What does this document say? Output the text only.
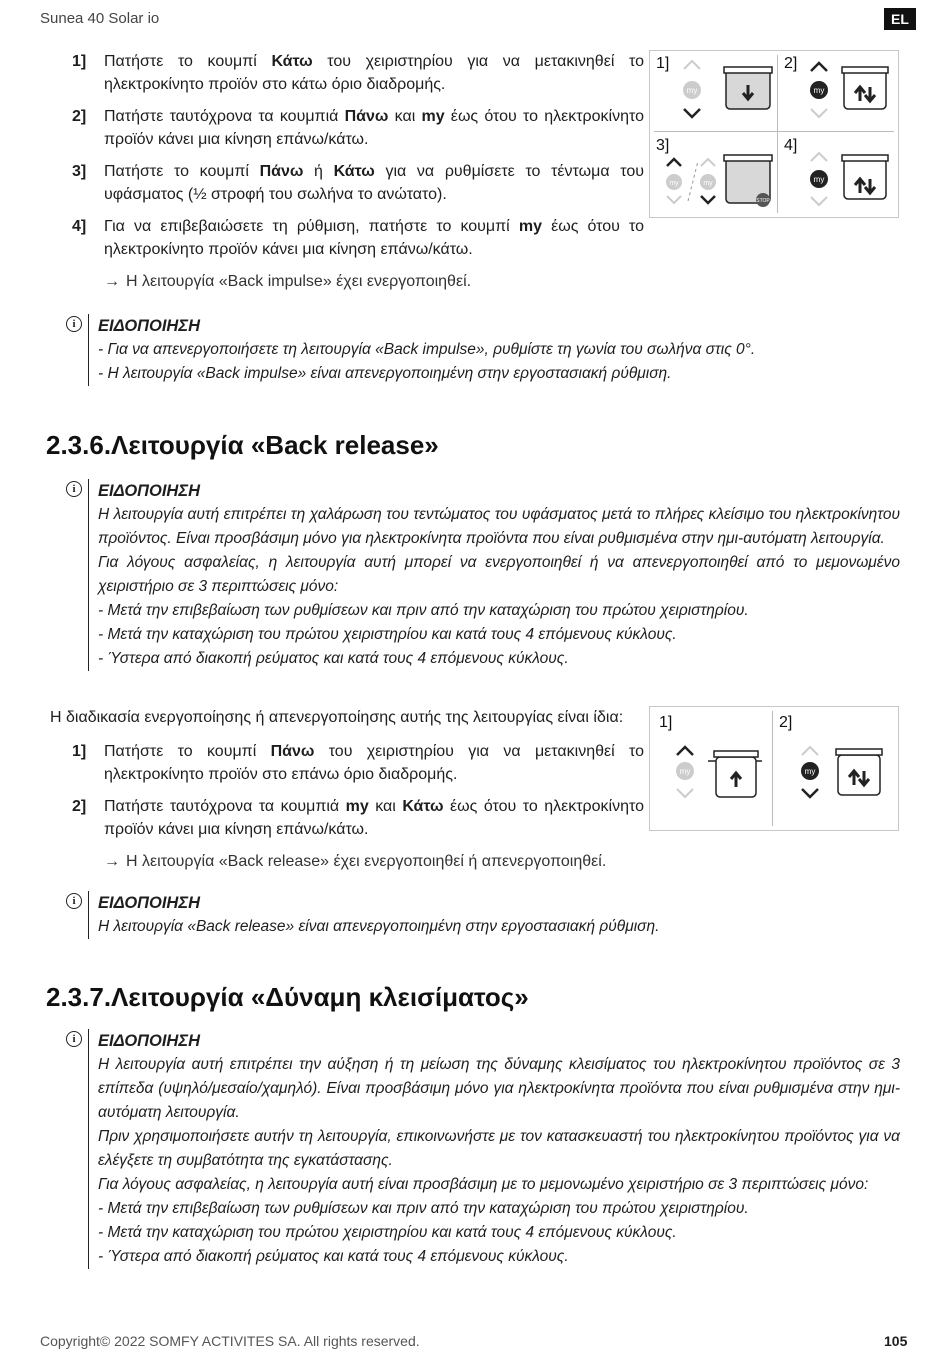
Sunea 40 Solar io	EL
1] Πατήστε το κουμπί Κάτω του χειριστηρίου για να μετακινηθεί το ηλεκτροκίνητο προϊόν στο κάτω όριο διαδρομής.
2] Πατήστε ταυτόχρονα τα κουμπιά Πάνω και my έως ότου το ηλεκτροκίνητο προϊόν κάνει μια κίνηση επάνω/κάτω.
3] Πατήστε το κουμπί Πάνω ή Κάτω για να ρυθμίσετε το τέντωμα του υφάσματος (½ στροφή του σωλήνα το ανώτατο).
4] Για να επιβεβαιώσετε τη ρύθμιση, πατήστε το κουμπί my έως ότου το ηλεκτροκίνητο προϊόν κάνει μια κίνηση επάνω/κάτω.
→ Η λειτουργία «Back impulse» έχει ενεργοποιηθεί.
1]	2]
3]	4]
my	my
my	my
STOP
my
i	ΕΙΔΟΠΟΙΗΣΗ
- Για να απενεργοποιήσετε τη λειτουργία «Back impulse», ρυθμίστε τη γωνία του σωλήνα στις 0°.
- Η λειτουργία «Back impulse» είναι απενεργοποιημένη στην εργοστασιακή ρύθμιση.
2.3.6.Λειτουργία «Back release»
i	ΕΙΔΟΠΟΙΗΣΗ
Η λειτουργία αυτή επιτρέπει τη χαλάρωση του τεντώματος του υφάσματος μετά το πλήρες κλείσιμο του ηλεκτροκίνητου προϊόντος. Είναι προσβάσιμη μόνο για ηλεκτροκίνητα προϊόντα που είναι ρυθμισμένα στην ημι-αυτόματη λειτουργία.
Για λόγους ασφαλείας, η λειτουργία αυτή μπορεί να ενεργοποιηθεί ή να απενεργοποιηθεί από το μεμονωμένο χειριστήριο σε 3 περιπτώσεις μόνο:
- Μετά την επιβεβαίωση των ρυθμίσεων και πριν από την καταχώριση του πρώτου χειριστηρίου.
- Μετά την καταχώριση του πρώτου χειριστηρίου και κατά τους 4 επόμενους κύκλους.
- Ύστερα από διακοπή ρεύματος και κατά τους 4 επόμενους κύκλους.
Η διαδικασία ενεργοποίησης ή απενεργοποίησης αυτής της λειτουργίας είναι ίδια:
1] Πατήστε το κουμπί Πάνω του χειριστηρίου για να μετακινηθεί το ηλεκτροκίνητο προϊόν στο επάνω όριο διαδρομής.
2] Πατήστε ταυτόχρονα τα κουμπιά my και Κάτω έως ότου το ηλεκτροκίνητο προϊόν κάνει μια κίνηση επάνω/κάτω.
→ Η λειτουργία «Back release» έχει ενεργοποιηθεί ή απενεργοποιηθεί.
1]	2]
my	my
i	ΕΙΔΟΠΟΙΗΣΗ
Η λειτουργία «Back release» είναι απενεργοποιημένη στην εργοστασιακή ρύθμιση.
2.3.7.Λειτουργία «Δύναμη κλεισίματος»
i	ΕΙΔΟΠΟΙΗΣΗ
Η λειτουργία αυτή επιτρέπει την αύξηση ή τη μείωση της δύναμης κλεισίματος του ηλεκτροκίνητου προϊόντος σε 3 επίπεδα (υψηλό/μεσαίο/χαμηλό). Είναι προσβάσιμη μόνο για ηλεκτροκίνητα προϊόντα που είναι ρυθμισμένα στην ημι-αυτόματη λειτουργία.
Πριν χρησιμοποιήσετε αυτήν τη λειτουργία, επικοινωνήστε με τον κατασκευαστή του ηλεκτροκίνητου προϊόντος για να ελέγξετε τη συμβατότητα της εγκατάστασης.
Για λόγους ασφαλείας, η λειτουργία αυτή είναι προσβάσιμη με το μεμονωμένο χειριστήριο σε 3 περιπτώσεις μόνο:
- Μετά την επιβεβαίωση των ρυθμίσεων και πριν από την καταχώριση του πρώτου χειριστηρίου.
- Μετά την καταχώριση του πρώτου χειριστηρίου και κατά τους 4 επόμενους κύκλους.
- Ύστερα από διακοπή ρεύματος και κατά τους 4 επόμενους κύκλους.
Copyright© 2022 SOMFY ACTIVITES SA. All rights reserved.	105
